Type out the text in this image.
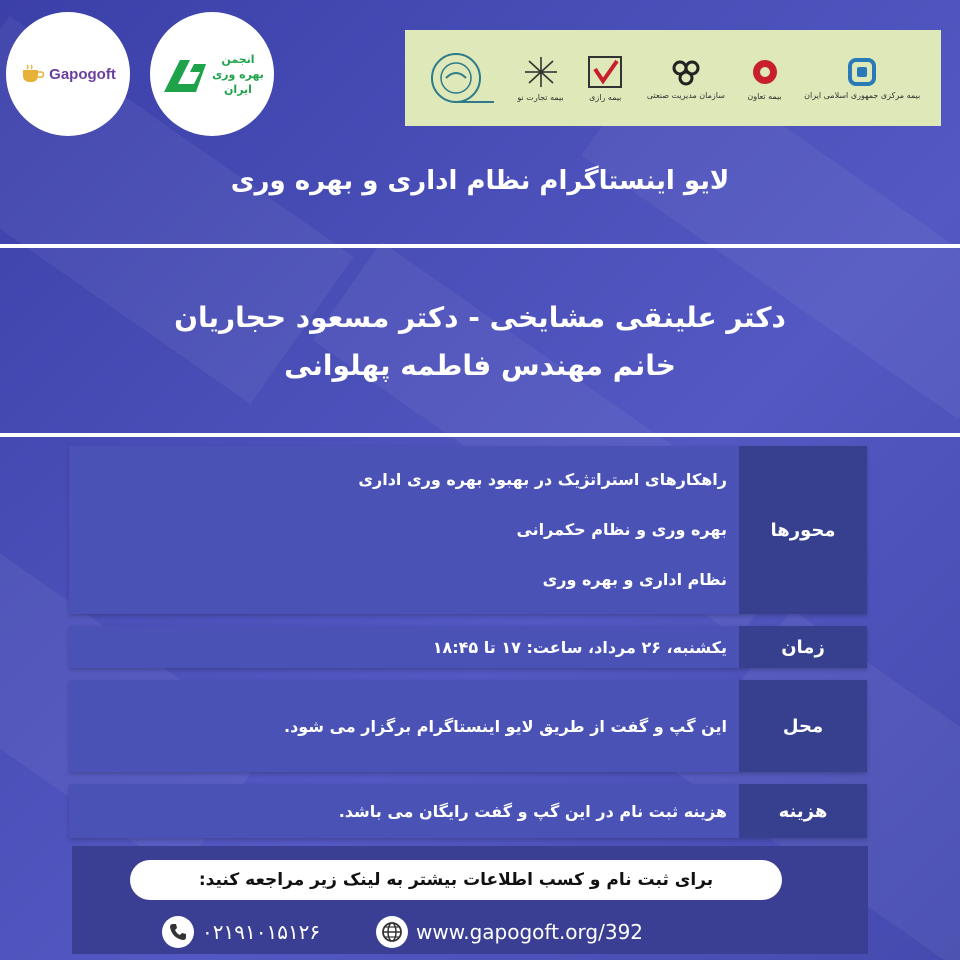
Gapogoft
انجمن
بهره وری
ایران	بیمه مرکزی جمهوری اسلامی ایران
بیمه تعاون
سازمان مدیریت صنعتی
بیمه رازی
بیمه تجارت نو
لایو اینستاگرام نظام اداری و بهره وری
دکتر علینقی مشایخی - دکتر مسعود حجاریان
خانم مهندس فاطمه پهلوانی
محورها
راهکارهای استراتژیک در بهبود بهره وری اداری
بهره وری و نظام حکمرانی
نظام اداری و بهره وری
زمان
یکشنبه، ۲۶ مرداد، ساعت: ۱۷ تا ۱۸:۴۵
محل
این گپ و گفت از طریق لایو اینستاگرام برگزار می شود.
هزینه
هزینه ثبت نام در این گپ و گفت رایگان می باشد.
برای ثبت نام و کسب اطلاعات بیشتر به لینک زیر مراجعه کنید:
۰۲۱۹۱۰۱۵۱۲۶	www.gapogoft.org/392
